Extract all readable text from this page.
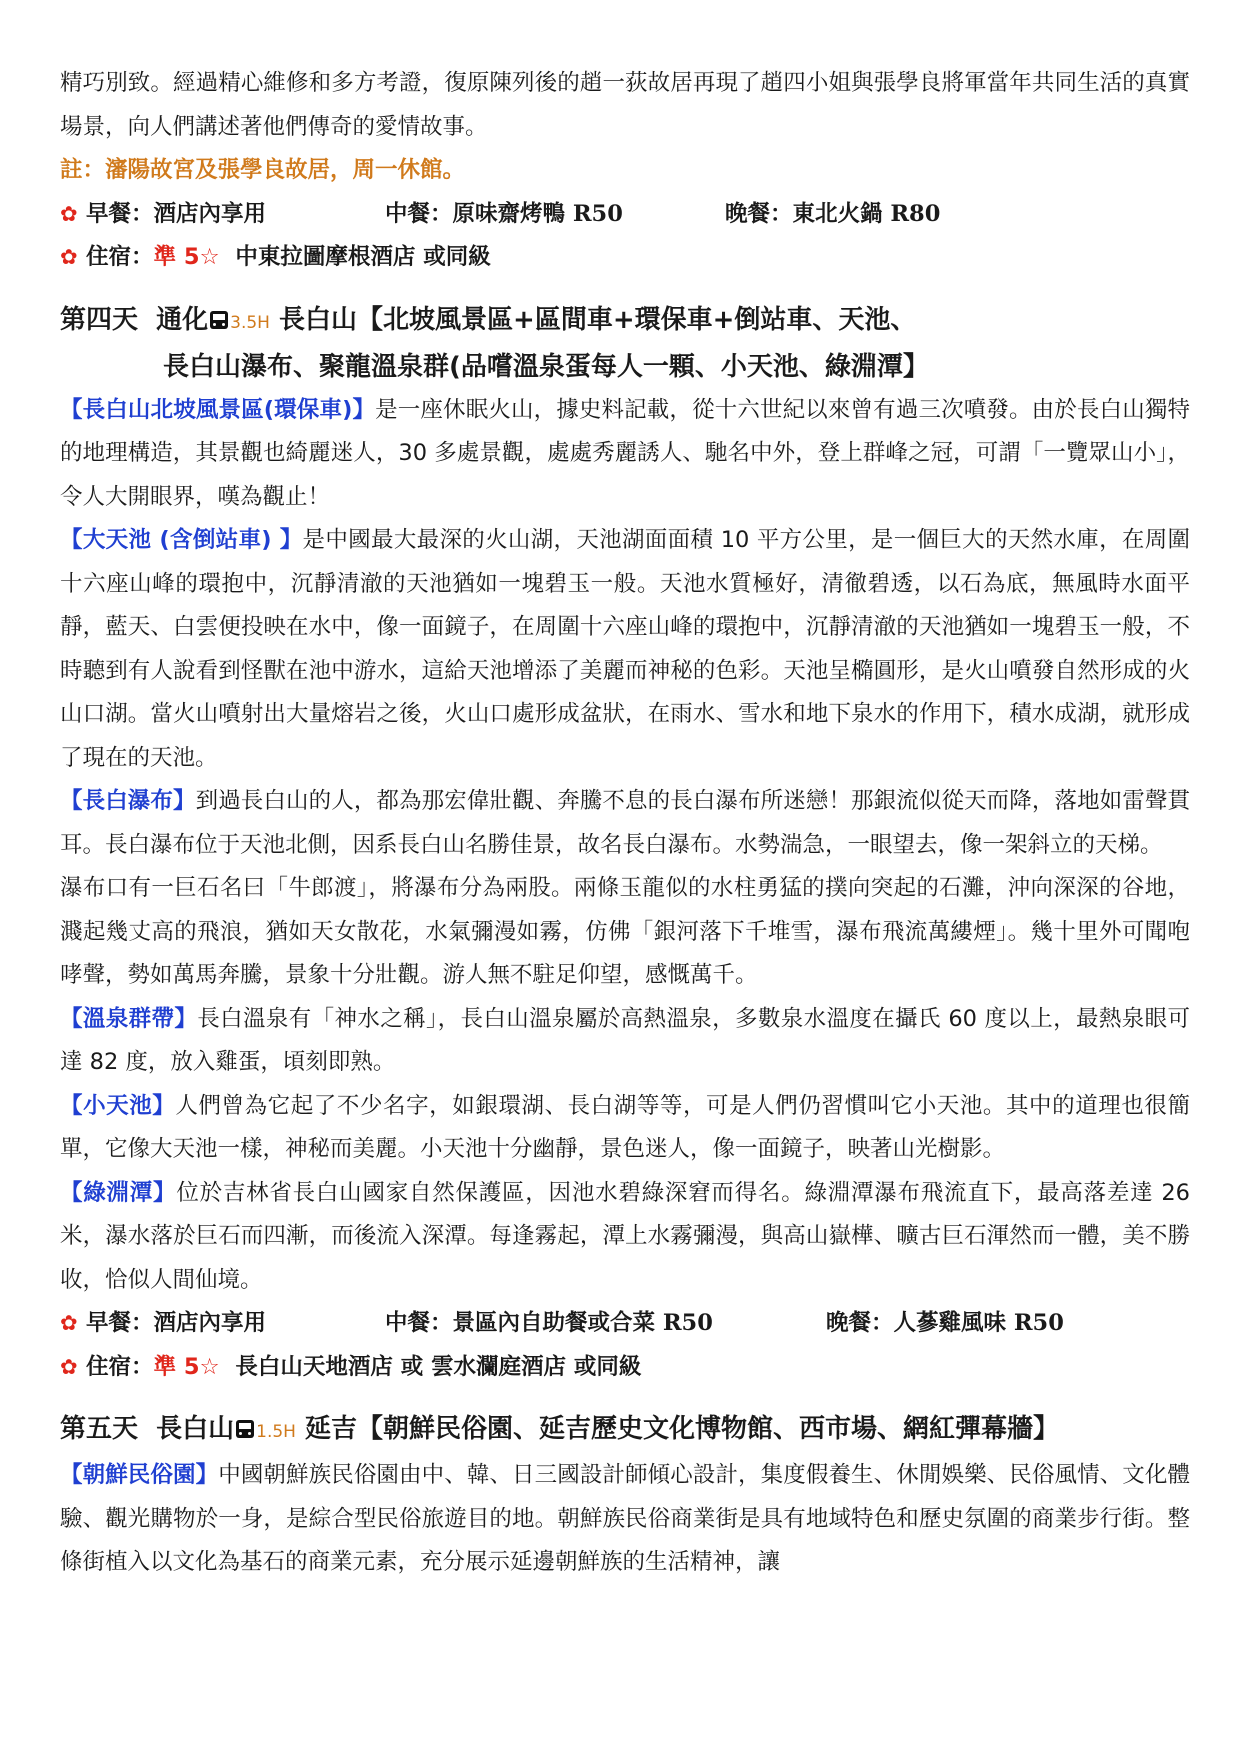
精巧別致。經過精心維修和多方考證，復原陳列後的趙一荻故居再現了趙四小姐與張學良將軍當年共同生活的真實場景，向人們講述著他們傳奇的愛情故事。

註：瀋陽故宮及張學良故居，周一休館。

✿ 早餐：酒店內享用	中餐：原味齋烤鴨 R50	晚餐：東北火鍋 R80
✿ 住宿：準 5☆ 中東拉圖摩根酒店 或同級
第四天 通化 3.5H 長白山【北坡風景區+區間車+環保車+倒站車、天池、
長白山瀑布、聚龍溫泉群(品嚐溫泉蛋每人一顆、小天池、綠淵潭】

【長白山北坡風景區(環保車)】是一座休眠火山，據史料記載，從十六世紀以來曾有過三次噴發。由於長白山獨特的地理構造，其景觀也綺麗迷人，30 多處景觀，處處秀麗誘人、馳名中外，登上群峰之冠，可謂「一覽眾山小」，令人大開眼界，嘆為觀止！

【大天池 (含倒站車) 】是中國最大最深的火山湖，天池湖面面積 10 平方公里，是一個巨大的天然水庫，在周圍十六座山峰的環抱中，沉靜清澈的天池猶如一塊碧玉一般。天池水質極好，清徹碧透，以石為底，無風時水面平靜，藍天、白雲便投映在水中，像一面鏡子，在周圍十六座山峰的環抱中，沉靜清澈的天池猶如一塊碧玉一般，不時聽到有人說看到怪獸在池中游水，這給天池增添了美麗而神秘的色彩。天池呈橢圓形，是火山噴發自然形成的火山口湖。當火山噴射出大量熔岩之後，火山口處形成盆狀，在雨水、雪水和地下泉水的作用下，積水成湖，就形成了現在的天池。

【長白瀑布】到過長白山的人，都為那宏偉壯觀、奔騰不息的長白瀑布所迷戀！那銀流似從天而降，落地如雷聲貫耳。長白瀑布位于天池北側，因系長白山名勝佳景，故名長白瀑布。水勢湍急，一眼望去，像一架斜立的天梯。

瀑布口有一巨石名曰「牛郎渡」，將瀑布分為兩股。兩條玉龍似的水柱勇猛的撲向突起的石灘，沖向深深的谷地，濺起幾丈高的飛浪，猶如天女散花，水氣彌漫如霧，仿佛「銀河落下千堆雪，瀑布飛流萬縷煙」。幾十里外可聞咆哮聲，勢如萬馬奔騰，景象十分壯觀。游人無不駐足仰望，感慨萬千。

【溫泉群帶】長白溫泉有「神水之稱」，長白山溫泉屬於高熱溫泉，多數泉水溫度在攝氏 60 度以上，最熱泉眼可達 82 度，放入雞蛋，頃刻即熟。

【小天池】人們曾為它起了不少名字，如銀環湖、長白湖等等，可是人們仍習慣叫它小天池。其中的道理也很簡單，它像大天池一樣，神秘而美麗。小天池十分幽靜，景色迷人，像一面鏡子，映著山光樹影。

【綠淵潭】位於吉林省長白山國家自然保護區，因池水碧綠深窘而得名。綠淵潭瀑布飛流直下，最高落差達 26 米，瀑水落於巨石而四漸，而後流入深潭。每逢霧起，潭上水霧彌漫，與高山嶽樺、曠古巨石渾然而一體，美不勝收，恰似人間仙境。

✿ 早餐：酒店內享用	中餐：景區內自助餐或合菜 R50	晚餐：人蔘雞風味 R50
✿ 住宿：準 5☆ 長白山天地酒店 或 雲水瀾庭酒店 或同級
第五天 長白山 1.5H 延吉【朝鮮民俗園、延吉歷史文化博物館、西市場、網紅彈幕牆】

【朝鮮民俗園】中國朝鮮族民俗園由中、韓、日三國設計師傾心設計，集度假養生、休閒娛樂、民俗風情、文化體驗、觀光購物於一身，是綜合型民俗旅遊目的地。朝鮮族民俗商業街是具有地域特色和歷史氛圍的商業步行街。整條街植入以文化為基石的商業元素，充分展示延邊朝鮮族的生活精神，讓
